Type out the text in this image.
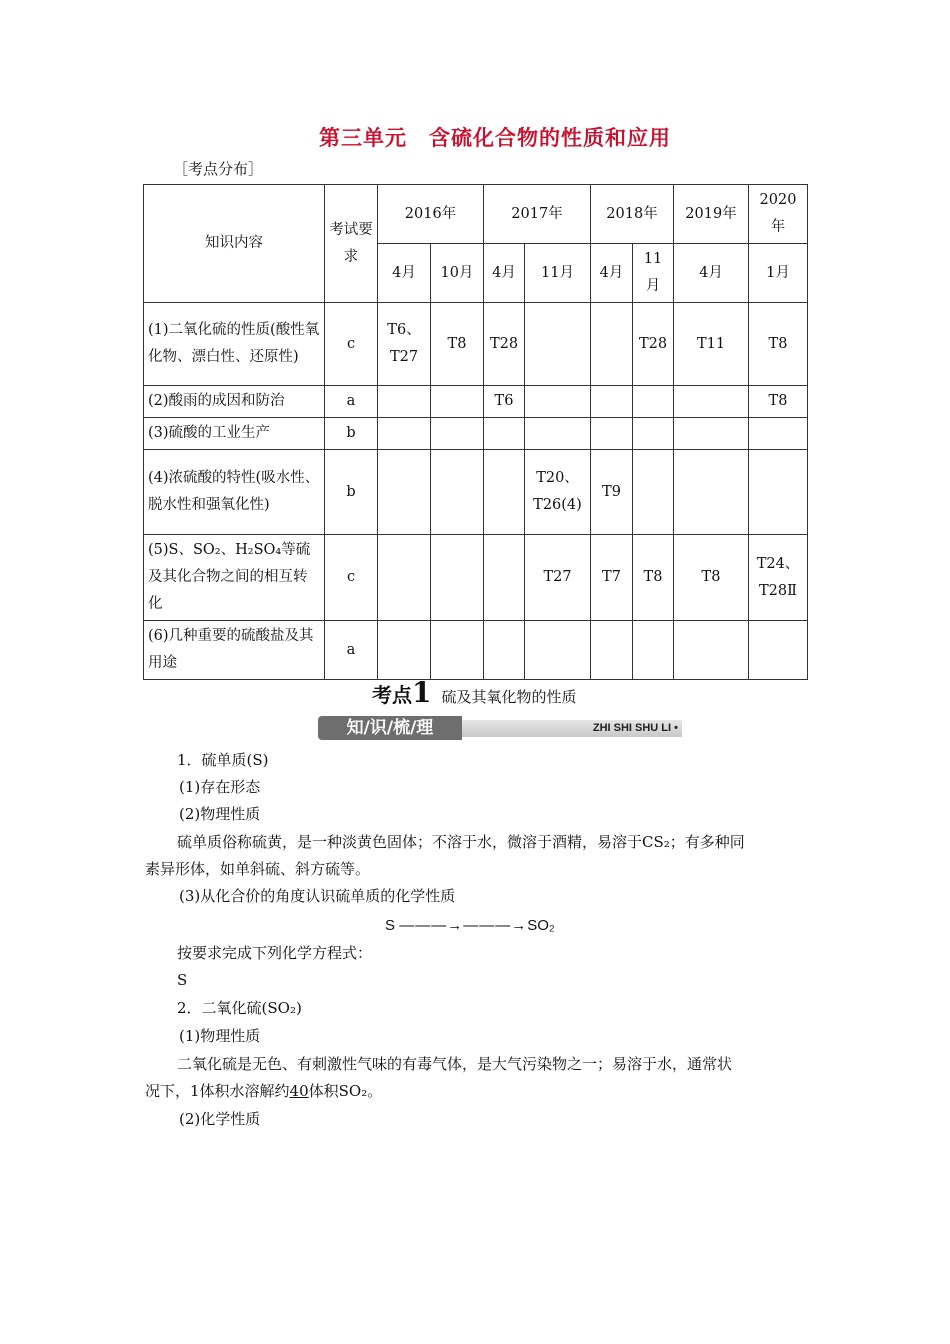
第三单元　含硫化合物的性质和应用
［考点分布］
知识内容	考试要求	2016年		2017年		2018年		2019年	2020年
		4月	10月	4月	11月	4月	11月	4月	1月
(1)二氧化硫的性质(酸性氧化物、漂白性、还原性)	c	T6、T27	T8	T28			T28	T11	T8
(2)酸雨的成因和防治	a			T6					T8
(3)硫酸的工业生产	b								
(4)浓硫酸的特性(吸水性、脱水性和强氧化性)	b				T20、T26(4)	T9			
(5)S、SO₂、H₂SO₄等硫及其化合物之间的相互转化	c				T27	T7	T8	T8	T24、T28Ⅱ
(6)几种重要的硫酸盐及其用途	a								
考点1 硫及其氧化物的性质
知/识/梳/理	ZHI SHI SHU LI •
1．硫单质(S)
(1)存在形态
(2)物理性质
硫单质俗称硫黄，是一种淡黄色固体；不溶于水，微溶于酒精，易溶于CS₂；有多种同
素异形体，如单斜硫、斜方硫等。
(3)从化合价的角度认识硫单质的化学性质
S ———→———→SO₂
按要求完成下列化学方程式：
S
2．二氧化硫(SO₂)
(1)物理性质
二氧化硫是无色、有刺激性气味的有毒气体，是大气污染物之一；易溶于水，通常状
况下，1体积水溶解约40体积SO₂。
(2)化学性质
